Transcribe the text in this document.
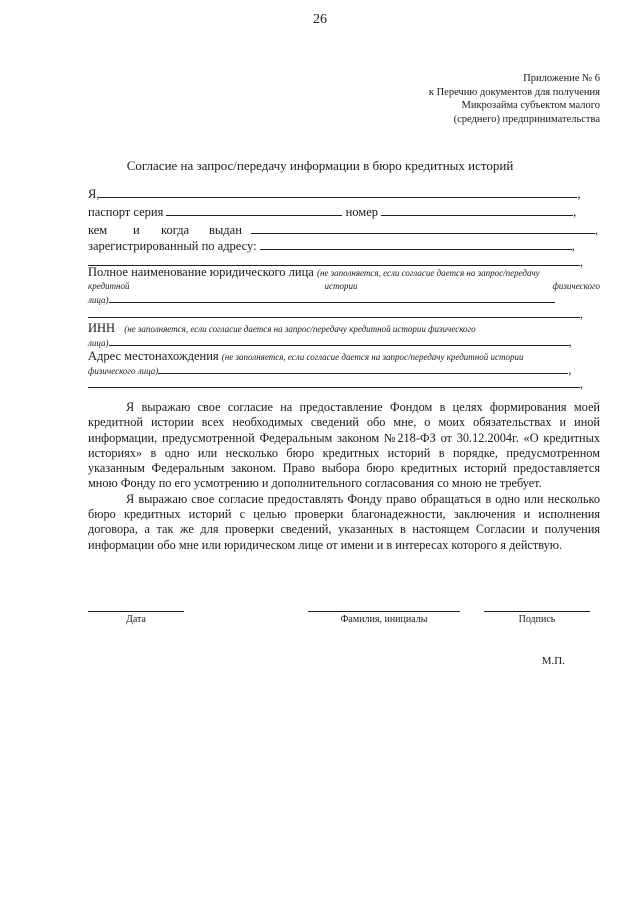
26
Приложение № 6
к Перечню документов для получения
Микрозайма субъектом малого
(среднего) предпринимательства
Согласие на запрос/передачу информации в бюро кредитных историй
Я,	,
паспорт серия	номер	,
кем и когда выдан	,
зарегистрированный по адресу:	,
,
Полное наименование юридического лица (не заполняется, если согласие дается на запрос/передачу
кредитной	истории	физического
лица)
,
ИНН (не заполняется, если согласие дается на запрос/передачу кредитной истории физического
лица)	,
Адрес местонахождения (не заполняется, если согласие дается на запрос/передачу кредитной истории
физического лица)	,
,

Я выражаю свое согласие на предоставление Фондом в целях формирования моей кредитной истории всех необходимых сведений обо мне, о моих обязательствах и иной информации, предусмотренной Федеральным законом №218-ФЗ от 30.12.2004г. «О кредитных историях» в одно или несколько бюро кредитных историй в порядке, предусмотренном указанным Федеральным законом. Право выбора бюро кредитных историй предоставляется мною Фонду по его усмотрению и дополнительного согласования со мною не требует.

Я выражаю свое согласие предоставлять Фонду право обращаться в одно или несколько бюро кредитных историй с целью проверки благонадежности, заключения и исполнения договора, а так же для проверки сведений, указанных в настоящем Согласии и получения информации обо мне или юридическом лице от имени и в интересах которого я действую.

Дата	Фамилия, инициалы	Подпись
М.П.
